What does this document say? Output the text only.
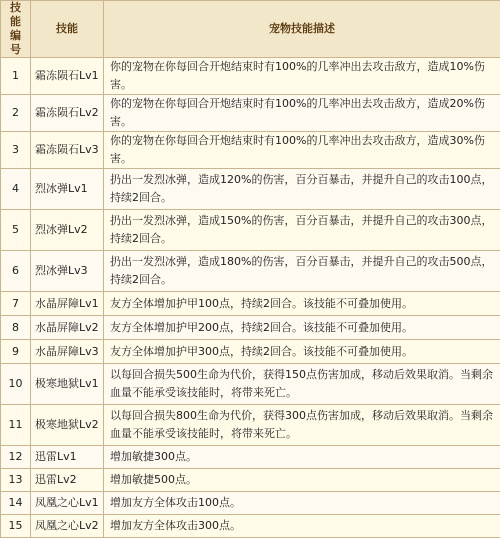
技能编号	技能	宠物技能描述
1	霜冻陨石Lv1	你的宠物在你每回合开炮结束时有100%的几率冲出去攻击敌方，造成10%伤害。
2	霜冻陨石Lv2	你的宠物在你每回合开炮结束时有100%的几率冲出去攻击敌方，造成20%伤害。
3	霜冻陨石Lv3	你的宠物在你每回合开炮结束时有100%的几率冲出去攻击敌方，造成30%伤害。
4	烈冰弹Lv1	扔出一发烈冰弹，造成120%的伤害，百分百暴击，并提升自己的攻击100点，持续2回合。
5	烈冰弹Lv2	扔出一发烈冰弹，造成150%的伤害，百分百暴击，并提升自己的攻击300点，持续2回合。
6	烈冰弹Lv3	扔出一发烈冰弹，造成180%的伤害，百分百暴击，并提升自己的攻击500点，持续2回合。
7	水晶屏障Lv1	友方全体增加护甲100点，持续2回合。该技能不可叠加使用。
8	水晶屏障Lv2	友方全体增加护甲200点，持续2回合。该技能不可叠加使用。
9	水晶屏障Lv3	友方全体增加护甲300点，持续2回合。该技能不可叠加使用。
10	极寒地狱Lv1	以每回合损失500生命为代价，获得150点伤害加成，移动后效果取消。当剩余血量不能承受该技能时，将带来死亡。
11	极寒地狱Lv2	以每回合损失800生命为代价，获得300点伤害加成，移动后效果取消。当剩余血量不能承受该技能时，将带来死亡。
12	迅雷Lv1	增加敏捷300点。
13	迅雷Lv2	增加敏捷500点。
14	凤凰之心Lv1	增加友方全体攻击100点。
15	凤凰之心Lv2	增加友方全体攻击300点。
